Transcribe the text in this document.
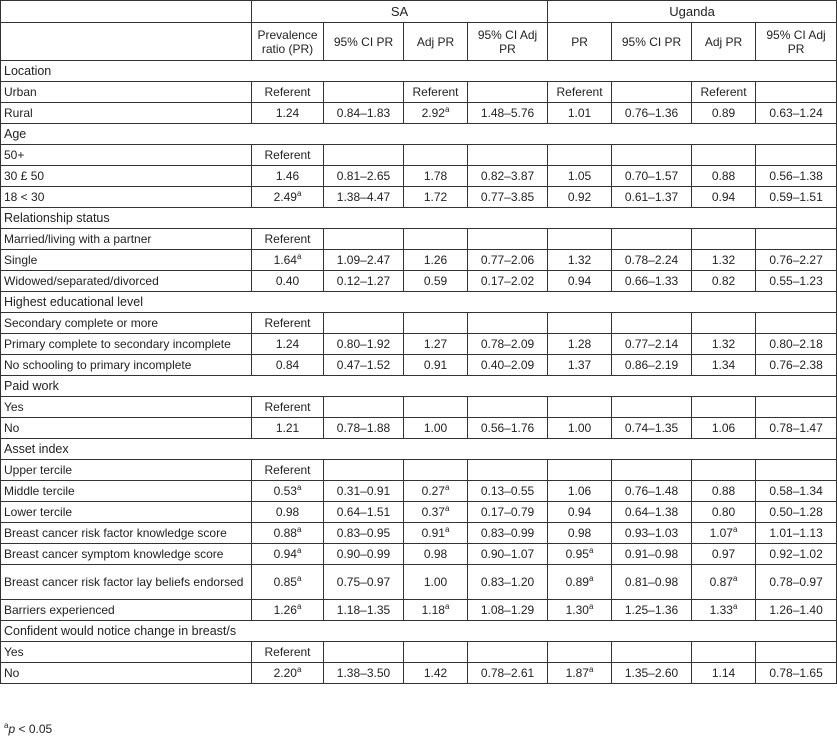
	SA				Uganda			
	Prevalence ratio (PR)	95% CI PR	Adj PR	95% CI Adj PR	PR	95% CI PR	Adj PR	95% CI Adj PR
Location								
Urban	Referent		Referent		Referent		Referent	
Rural	1.24	0.84–1.83	2.92$^a$	1.48–5.76	1.01	0.76–1.36	0.89	0.63–1.24
Age								
50+	Referent							
30 £ 50	1.46	0.81–2.65	1.78	0.82–3.87	1.05	0.70–1.57	0.88	0.56–1.38
18 < 30	2.49$^a$	1.38–4.47	1.72	0.77–3.85	0.92	0.61–1.37	0.94	0.59–1.51
Relationship status								
Married/living with a partner	Referent							
Single	1.64$^a$	1.09–2.47	1.26	0.77–2.06	1.32	0.78–2.24	1.32	0.76–2.27
Widowed/separated/divorced	0.40	0.12–1.27	0.59	0.17–2.02	0.94	0.66–1.33	0.82	0.55–1.23
Highest educational level								
Secondary complete or more	Referent							
Primary complete to secondary incomplete	1.24	0.80–1.92	1.27	0.78–2.09	1.28	0.77–2.14	1.32	0.80–2.18
No schooling to primary incomplete	0.84	0.47–1.52	0.91	0.40–2.09	1.37	0.86–2.19	1.34	0.76–2.38
Paid work								
Yes	Referent							
No	1.21	0.78–1.88	1.00	0.56–1.76	1.00	0.74–1.35	1.06	0.78–1.47
Asset index								
Upper tercile	Referent							
Middle tercile	0.53$^a$	0.31–0.91	0.27$^a$	0.13–0.55	1.06	0.76–1.48	0.88	0.58–1.34
Lower tercile	0.98	0.64–1.51	0.37$^a$	0.17–0.79	0.94	0.64–1.38	0.80	0.50–1.28
Breast cancer risk factor knowledge score	0.88$^a$	0.83–0.95	0.91$^a$	0.83–0.99	0.98	0.93–1.03	1.07$^a$	1.01–1.13
Breast cancer symptom knowledge score	0.94$^a$	0.90–0.99	0.98	0.90–1.07	0.95$^a$	0.91–0.98	0.97	0.92–1.02
Breast cancer risk factor lay beliefs endorsed	0.85$^a$	0.75–0.97	1.00	0.83–1.20	0.89$^a$	0.81–0.98	0.87$^a$	0.78–0.97
Barriers experienced	1.26$^a$	1.18–1.35	1.18$^a$	1.08–1.29	1.30$^a$	1.25–1.36	1.33$^a$	1.26–1.40
Confident would notice change in breast/s								
Yes	Referent							
No	2.20$^a$	1.38–3.50	1.42	0.78–2.61	1.87$^a$	1.35–2.60	1.14	0.78–1.65
$^a$p < 0.05
